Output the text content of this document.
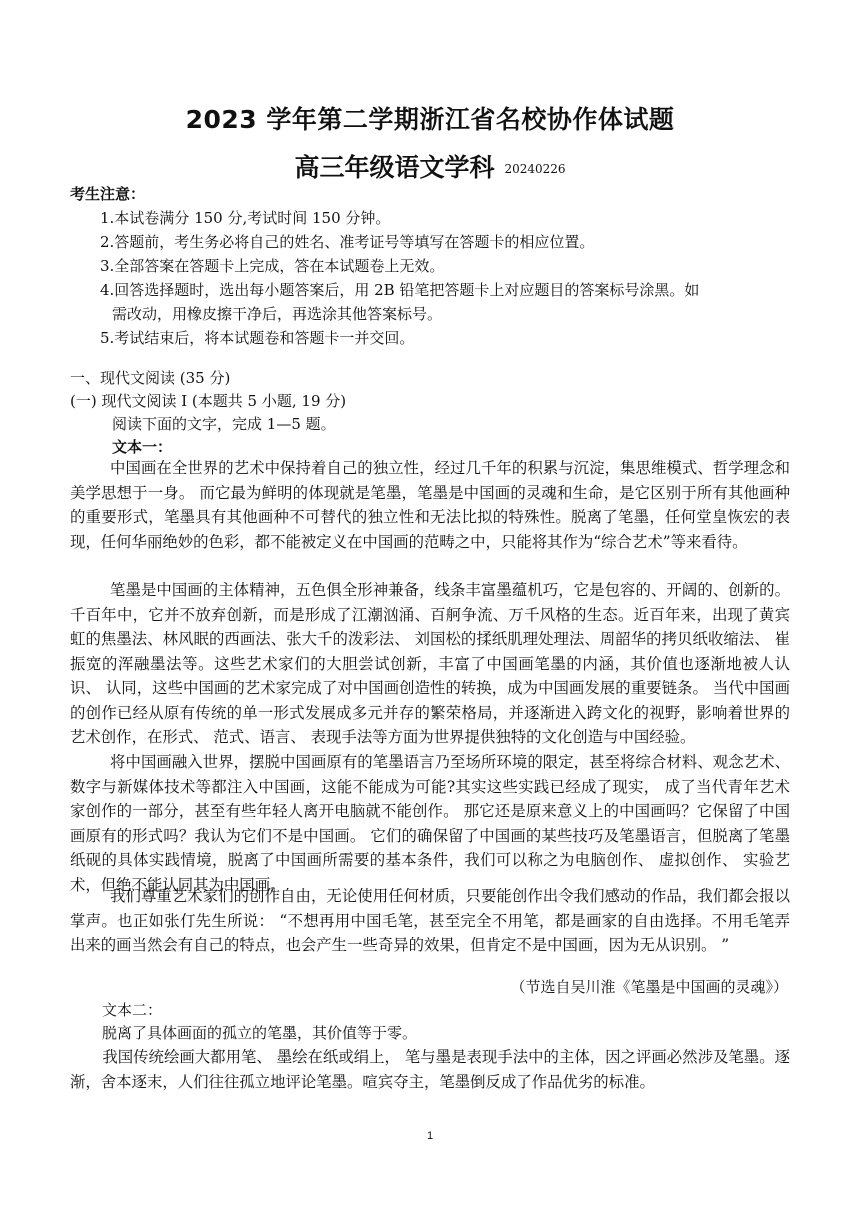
2023 学年第二学期浙江省名校协作体试题
高三年级语文学科 20240226
考生注意：
1.本试卷满分 150 分,考试时间 150 分钟。
2.答题前，考生务必将自己的姓名、准考证号等填写在答题卡的相应位置。
3.全部答案在答题卡上完成，答在本试题卷上无效。
4.回答选择题时，选出每小题答案后，用 2B 铅笔把答题卡上对应题目的答案标号涂黑。如
需改动，用橡皮擦干净后，再选涂其他答案标号。
5.考试结束后，将本试题卷和答题卡一并交回。
一、现代文阅读 (35 分)
(一) 现代文阅读 I (本题共 5 小题, 19 分)
阅读下面的文字，完成 1—5 题。
文本一：

中国画在全世界的艺术中保持着自己的独立性，经过几千年的积累与沉淀，集思维模式、哲学理念和美学思想于一身。 而它最为鲜明的体现就是笔墨，笔墨是中国画的灵魂和生命，是它区别于所有其他画种的重要形式，笔墨具有其他画种不可替代的独立性和无法比拟的特殊性。脱离了笔墨，任何堂皇恢宏的表现，任何华丽绝妙的色彩，都不能被定义在中国画的范畴之中，只能将其作为“综合艺术”等来看待。

笔墨是中国画的主体精神，五色俱全形神兼备，线条丰富墨蕴机巧，它是包容的、开阔的、创新的。千百年中，它并不放弃创新，而是形成了江潮汹涌、百舸争流、万千风格的生态。近百年来，出现了黄宾虹的焦墨法、林风眠的西画法、张大千的泼彩法、 刘国松的揉纸肌理处理法、周韶华的拷贝纸收缩法、 崔振宽的浑融墨法等。这些艺术家们的大胆尝试创新，丰富了中国画笔墨的内涵，其价值也逐渐地被人认识、 认同，这些中国画的艺术家完成了对中国画创造性的转换，成为中国画发展的重要链条。 当代中国画的创作已经从原有传统的单一形式发展成多元并存的繁荣格局，并逐渐进入跨文化的视野，影响着世界的艺术创作，在形式、 范式、语言、 表现手法等方面为世界提供独特的文化创造与中国经验。

将中国画融入世界，摆脱中国画原有的笔墨语言乃至场所环境的限定，甚至将综合材料、观念艺术、数字与新媒体技术等都注入中国画，这能不能成为可能?其实这些实践已经成了现实， 成了当代青年艺术家创作的一部分，甚至有些年轻人离开电脑就不能创作。 那它还是原来意义上的中国画吗？它保留了中国画原有的形式吗？我认为它们不是中国画。 它们的确保留了中国画的某些技巧及笔墨语言，但脱离了笔墨纸砚的具体实践情境，脱离了中国画所需要的基本条件，我们可以称之为电脑创作、 虚拟创作、 实验艺术，但绝不能认同其为中国画。

我们尊重艺术家们的创作自由，无论使用任何材质，只要能创作出令我们感动的作品，我们都会报以掌声。也正如张仃先生所说： “不想再用中国毛笔，甚至完全不用笔，都是画家的自由选择。不用毛笔弄出来的画当然会有自己的特点，也会产生一些奇异的效果，但肯定不是中国画，因为无从识别。 ”

（节选自吴川淮《笔墨是中国画的灵魂》）
文本二：
脱离了具体画面的孤立的笔墨，其价值等于零。

我国传统绘画大都用笔、 墨绘在纸或绢上， 笔与墨是表现手法中的主体，因之评画必然涉及笔墨。逐渐，舍本逐末，人们往往孤立地评论笔墨。喧宾夺主，笔墨倒反成了作品优劣的标准。

1
